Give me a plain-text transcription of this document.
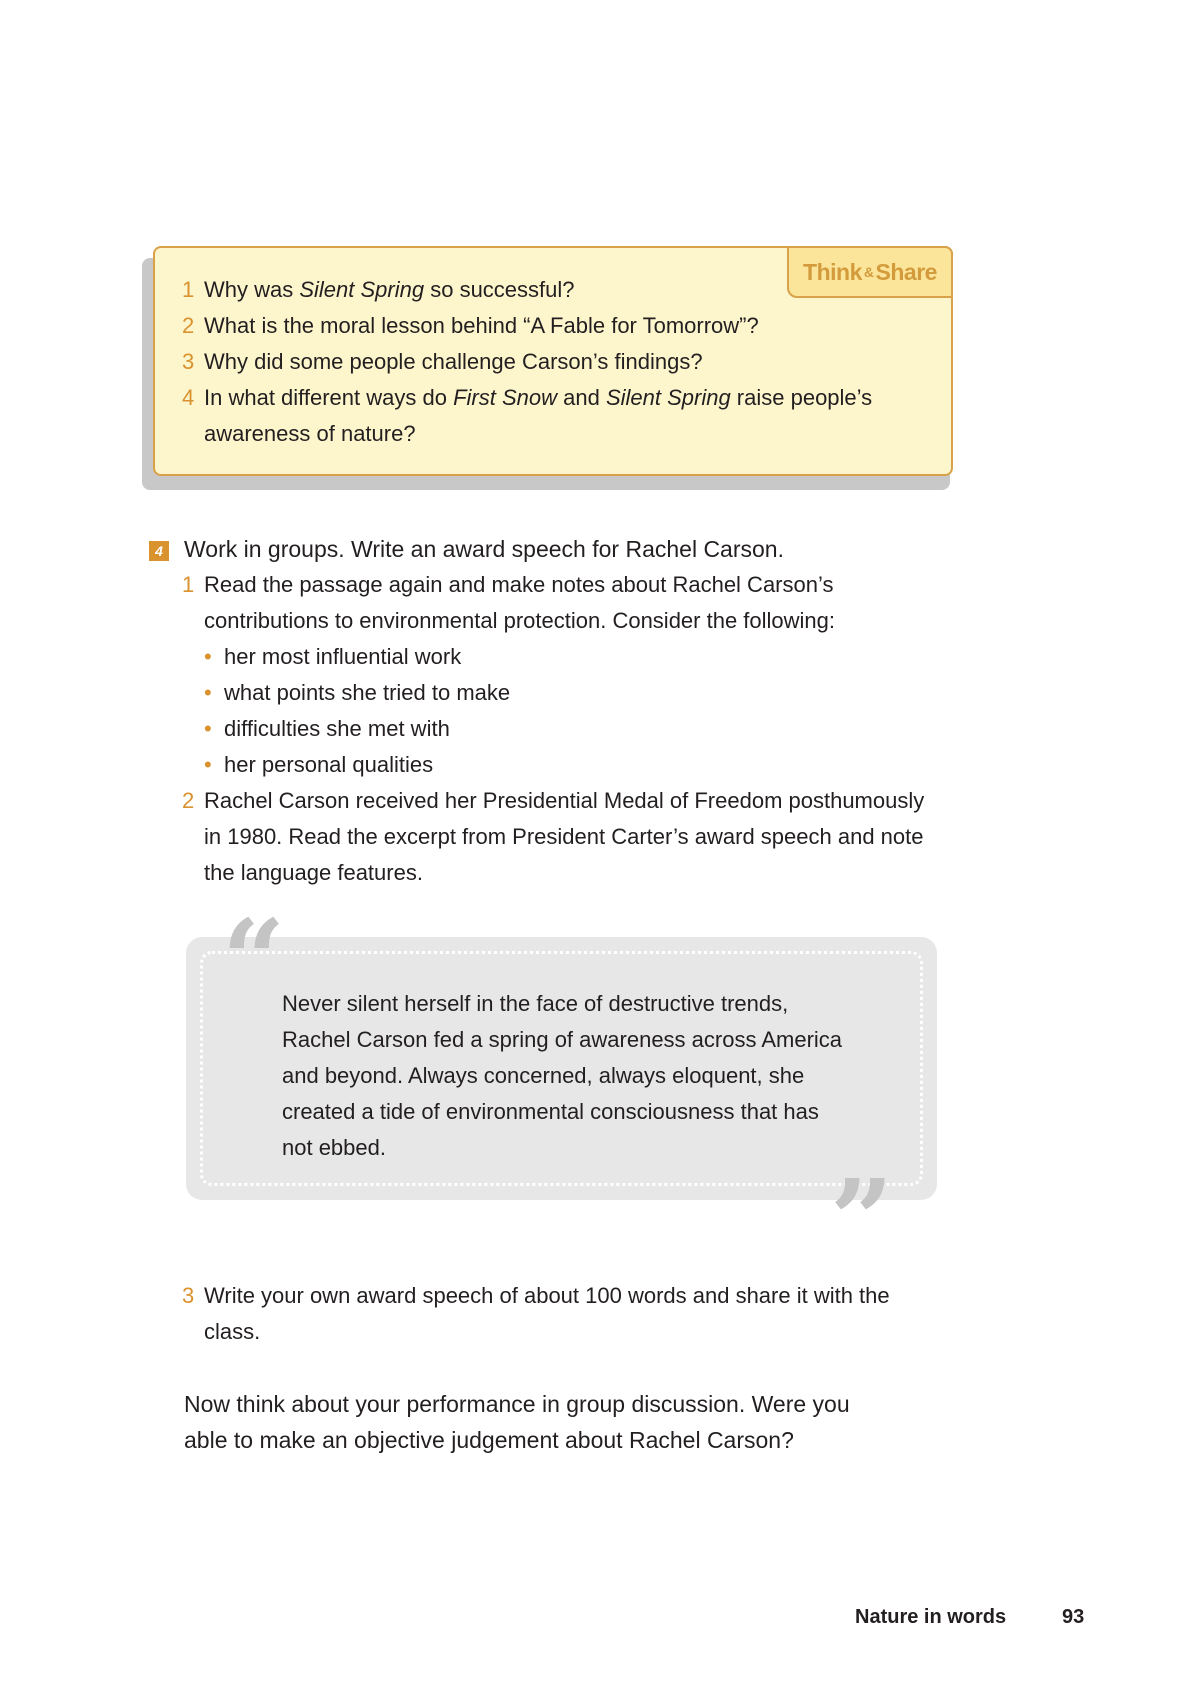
Think & Share
1 Why was Silent Spring so successful?
2 What is the moral lesson behind “A Fable for Tomorrow”?
3 Why did some people challenge Carson’s findings?
4 In what different ways do First Snow and Silent Spring raise people’s
awareness of nature?
4 Work in groups. Write an award speech for Rachel Carson.
1 Read the passage again and make notes about Rachel Carson’s
contributions to environmental protection. Consider the following:
• her most influential work
• what points she tried to make
• difficulties she met with
• her personal qualities
2 Rachel Carson received her Presidential Medal of Freedom posthumously
in 1980. Read the excerpt from President Carter’s award speech and note
the language features.
“
”
Never silent herself in the face of destructive trends,
Rachel Carson fed a spring of awareness across America
and beyond. Always concerned, always eloquent, she
created a tide of environmental consciousness that has
not ebbed.
3 Write your own award speech of about 100 words and share it with the
class.
Now think about your performance in group discussion. Were you
able to make an objective judgement about Rachel Carson?
Nature in words	93
